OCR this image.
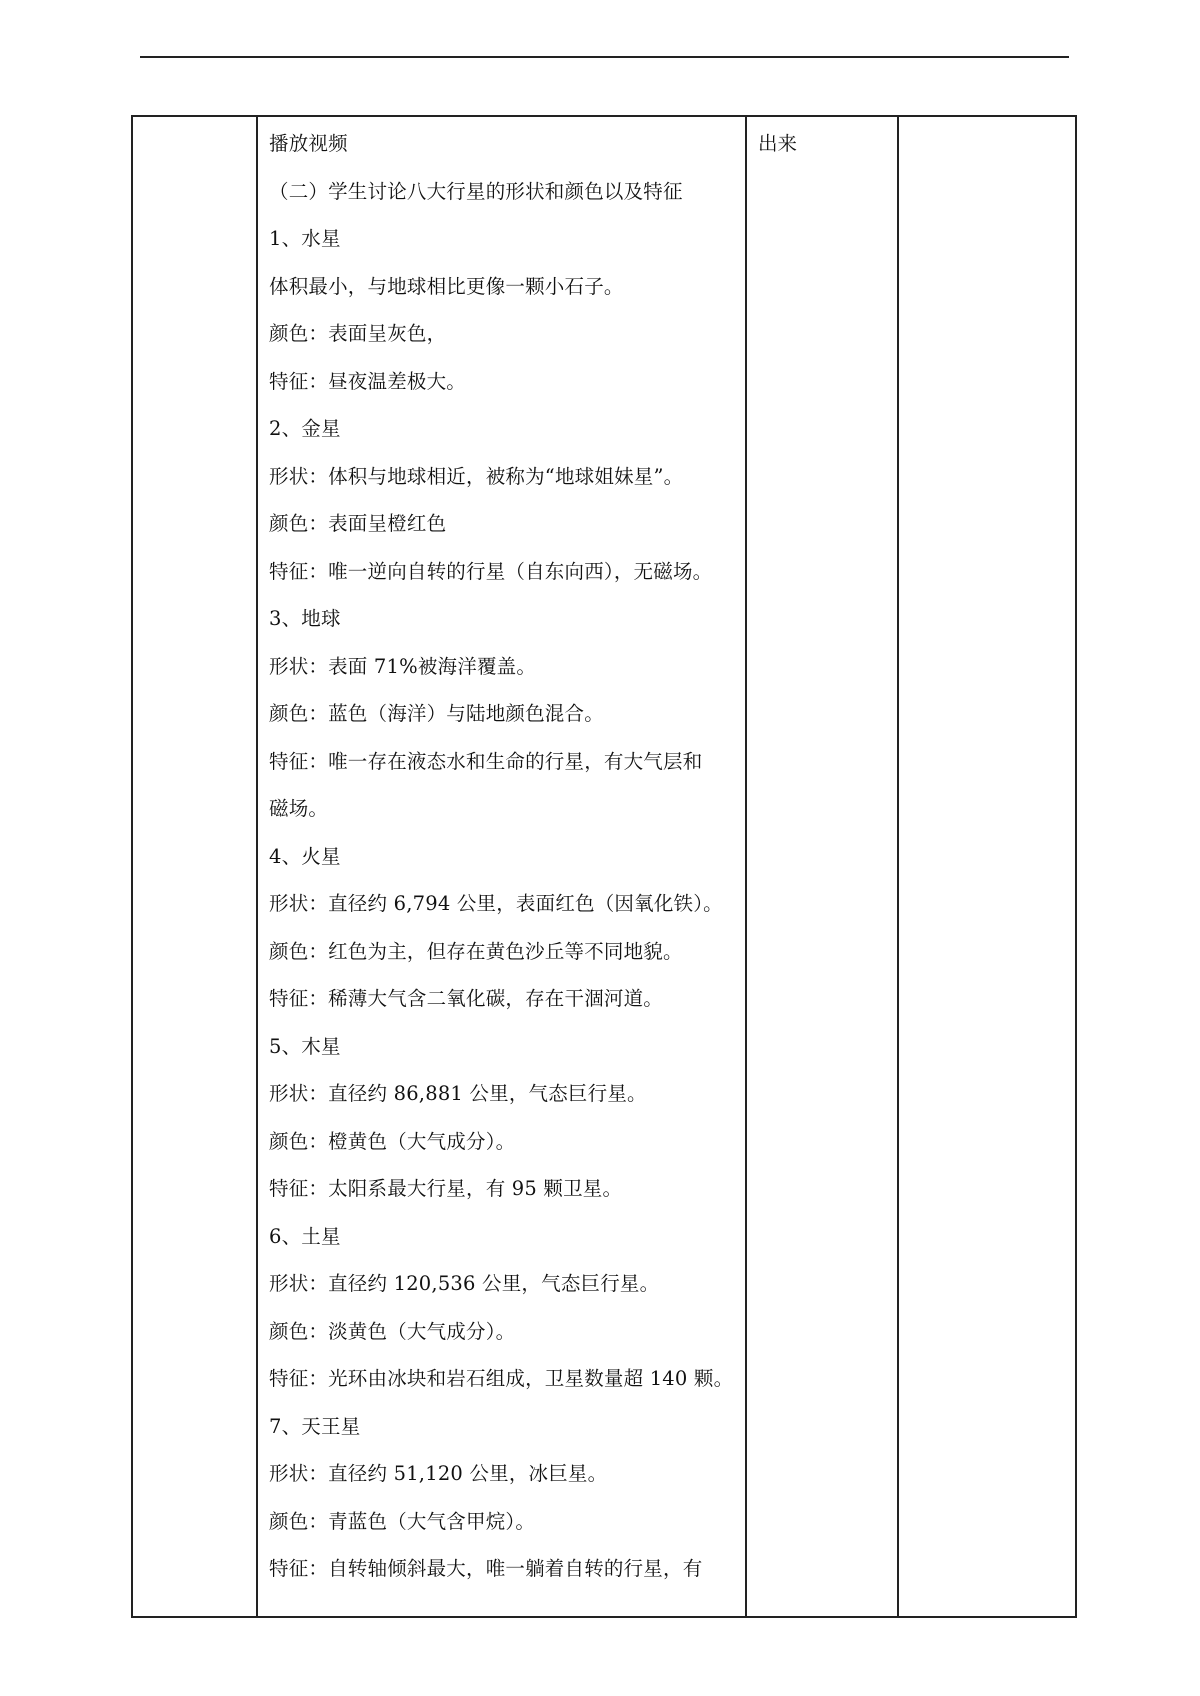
播放视频
（二）学生讨论八大行星的形状和颜色以及特征
1、水星
体积最小，与地球相比更像一颗小石子。
颜色：表面呈灰色，
特征：昼夜温差极大。
2、金星
形状：体积与地球相近，被称为“地球姐妹星”。
颜色：表面呈橙红色
特征：唯一逆向自转的行星（自东向西），无磁场。
3、地球
形状：表面 71%被海洋覆盖。
颜色：蓝色（海洋）与陆地颜色混合。
特征：唯一存在液态水和生命的行星，有大气层和
磁场。
4、火星
形状：直径约 6,794 公里，表面红色（因氧化铁）。
颜色：红色为主，但存在黄色沙丘等不同地貌。
特征：稀薄大气含二氧化碳，存在干涸河道。
5、木星
形状：直径约 86,881 公里，气态巨行星。
颜色：橙黄色（大气成分）。
特征：太阳系最大行星，有 95 颗卫星。
6、土星
形状：直径约 120,536 公里，气态巨行星。
颜色：淡黄色（大气成分）。
特征：光环由冰块和岩石组成，卫星数量超 140 颗。
7、天王星
形状：直径约 51,120 公里，冰巨星。
颜色：青蓝色（大气含甲烷）。
特征：自转轴倾斜最大，唯一躺着自转的行星，有
出来
